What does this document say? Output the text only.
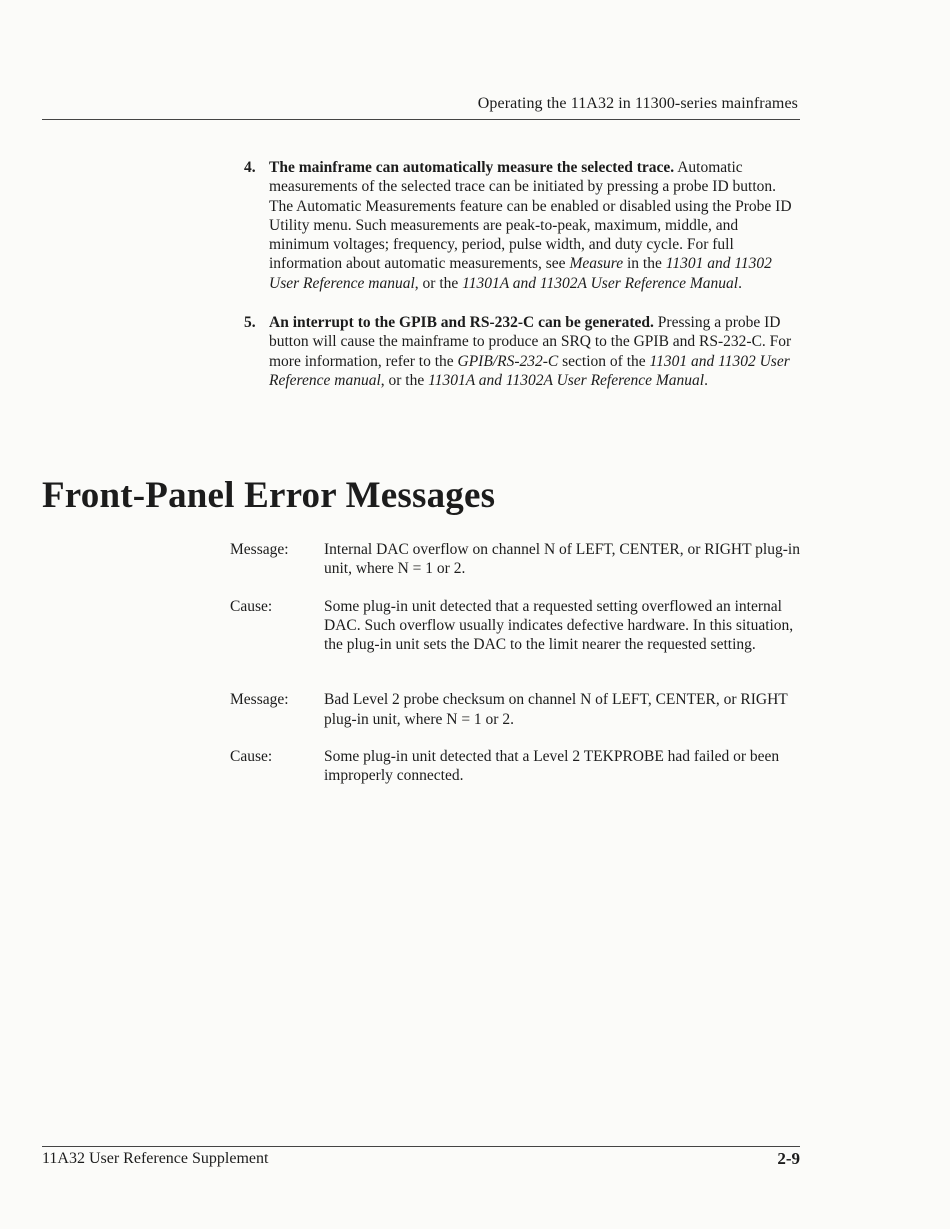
Operating the 11A32 in 11300-series mainframes
4. The mainframe can automatically measure the selected trace. Automatic measurements of the selected trace can be initiated by pressing a probe ID button. The Automatic Measurements feature can be enabled or disabled using the Probe ID Utility menu. Such measurements are peak-to-peak, maximum, middle, and minimum voltages; frequency, period, pulse width, and duty cycle. For full information about automatic measurements, see Measure in the 11301 and 11302 User Reference manual, or the 11301A and 11302A User Reference Manual.
5. An interrupt to the GPIB and RS-232-C can be generated. Pressing a probe ID button will cause the mainframe to produce an SRQ to the GPIB and RS-232-C. For more information, refer to the GPIB/RS-232-C section of the 11301 and 11302 User Reference manual, or the 11301A and 11302A User Reference Manual.
Front-Panel Error Messages
Message:	Internal DAC overflow on channel N of LEFT, CENTER, or RIGHT plug-in unit, where N = 1 or 2.
Cause:	Some plug-in unit detected that a requested setting overflowed an internal DAC. Such overflow usually indicates defective hardware. In this situation, the plug-in unit sets the DAC to the limit nearer the requested setting.
Message:	Bad Level 2 probe checksum on channel N of LEFT, CENTER, or RIGHT plug-in unit, where N = 1 or 2.
Cause:	Some plug-in unit detected that a Level 2 TEKPROBE had failed or been improperly connected.
11A32 User Reference Supplement	2-9
